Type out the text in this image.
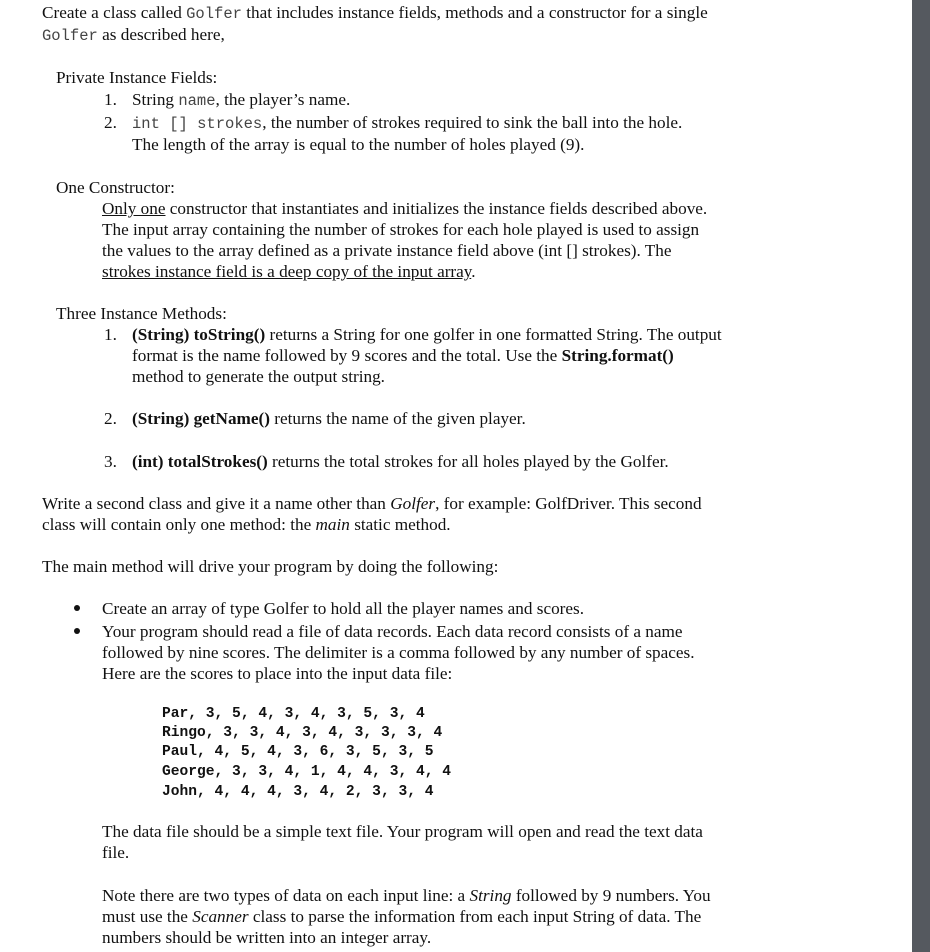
Create a class called Golfer that includes instance fields, methods and a constructor for a single
Golfer as described here,
Private Instance Fields:
1. String name, the player’s name.
2. int [] strokes, the number of strokes required to sink the ball into the hole.
The length of the array is equal to the number of holes played (9).
One Constructor:
Only one constructor that instantiates and initializes the instance fields described above.
The input array containing the number of strokes for each hole played is used to assign
the values to the array defined as a private instance field above (int [] strokes). The
strokes instance field is a deep copy of the input array.
Three Instance Methods:
1. (String) toString() returns a String for one golfer in one formatted String. The output
format is the name followed by 9 scores and the total. Use the String.format()
method to generate the output string.
2. (String) getName() returns the name of the given player.
3. (int) totalStrokes() returns the total strokes for all holes played by the Golfer.
Write a second class and give it a name other than Golfer, for example: GolfDriver. This second
class will contain only one method: the main static method.
The main method will drive your program by doing the following:
Create an array of type Golfer to hold all the player names and scores.
Your program should read a file of data records. Each data record consists of a name
followed by nine scores. The delimiter is a comma followed by any number of spaces.
Here are the scores to place into the input data file:
Par, 3, 5, 4, 3, 4, 3, 5, 3, 4
Ringo, 3, 3, 4, 3, 4, 3, 3, 3, 4
Paul, 4, 5, 4, 3, 6, 3, 5, 3, 5
George, 3, 3, 4, 1, 4, 4, 3, 4, 4
John, 4, 4, 4, 3, 4, 2, 3, 3, 4
The data file should be a simple text file. Your program will open and read the text data
file.
Note there are two types of data on each input line: a String followed by 9 numbers. You
must use the Scanner class to parse the information from each input String of data. The
numbers should be written into an integer array.
